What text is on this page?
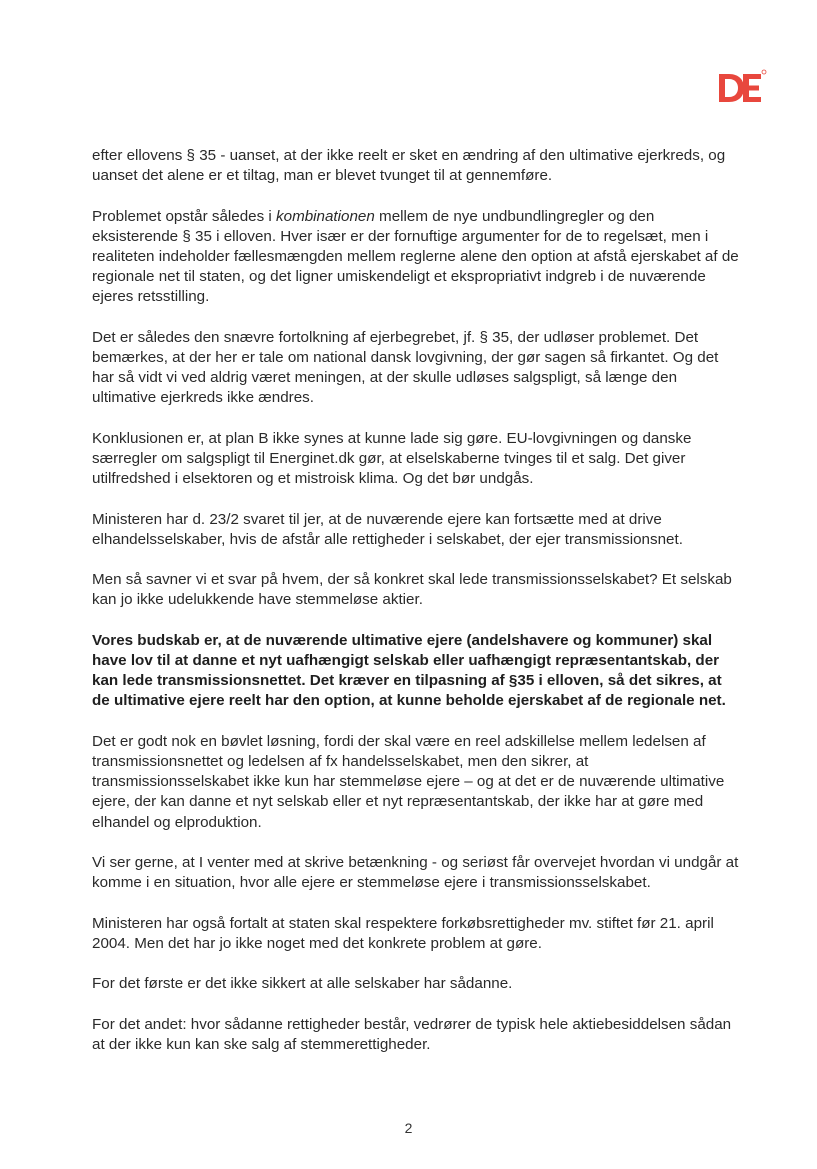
efter ellovens § 35 - uanset, at der ikke reelt er sket en ændring af den ultimative ejerkreds, og uanset det alene er et tiltag, man er blevet tvunget til at gennemføre.

Problemet opstår således i kombinationen mellem de nye undbundlingregler og den eksisterende § 35 i elloven. Hver især er der fornuftige argumenter for de to regelsæt, men i realiteten indeholder fællesmængden mellem reglerne alene den option at afstå ejerskabet af de regionale net til staten, og det ligner umiskendeligt et ekspropriativt indgreb i de nuværende ejeres retsstilling.

Det er således den snævre fortolkning af ejerbegrebet, jf. § 35, der udløser problemet. Det bemærkes, at der her er tale om national dansk lovgivning, der gør sagen så firkantet. Og det har så vidt vi ved aldrig været meningen, at der skulle udløses salgspligt, så længe den ultimative ejerkreds ikke ændres.

Konklusionen er, at plan B ikke synes at kunne lade sig gøre. EU-lovgivningen og danske særregler om salgspligt til Energinet.dk gør, at elselskaberne tvinges til et salg. Det giver utilfredshed i elsektoren og et mistroisk klima. Og det bør undgås.

Ministeren har d. 23/2 svaret til jer, at de nuværende ejere kan fortsætte med at drive elhandelsselskaber, hvis de afstår alle rettigheder i selskabet, der ejer transmissionsnet.

Men så savner vi et svar på hvem, der så konkret skal lede transmissionsselskabet? Et selskab kan jo ikke udelukkende have stemmeløse aktier.

Vores budskab er, at de nuværende ultimative ejere (andelshavere og kommuner) skal have lov til at danne et nyt uafhængigt selskab eller uafhængigt repræsentantskab, der kan lede transmissionsnettet. Det kræver en tilpasning af §35 i elloven, så det sikres, at de ultimative ejere reelt har den option, at kunne beholde ejerskabet af de regionale net.

Det er godt nok en bøvlet løsning, fordi der skal være en reel adskillelse mellem ledelsen af transmissionsnettet og ledelsen af fx handelsselskabet, men den sikrer, at transmissionsselskabet ikke kun har stemmeløse ejere – og at det er de nuværende ultimative ejere, der kan danne et nyt selskab eller et nyt repræsentantskab, der ikke har at gøre med elhandel og elproduktion.

Vi ser gerne, at I venter med at skrive betænkning - og seriøst får overvejet hvordan vi undgår at komme i en situation, hvor alle ejere er stemmeløse ejere i transmissionsselskabet.

Ministeren har også fortalt at staten skal respektere forkøbsrettigheder mv. stiftet før 21. april 2004. Men det har jo ikke noget med det konkrete problem at gøre.

For det første er det ikke sikkert at alle selskaber har sådanne.

For det andet: hvor sådanne rettigheder består, vedrører de typisk hele aktiebesiddelsen sådan at der ikke kun kan ske salg af stemmerettigheder.

2
